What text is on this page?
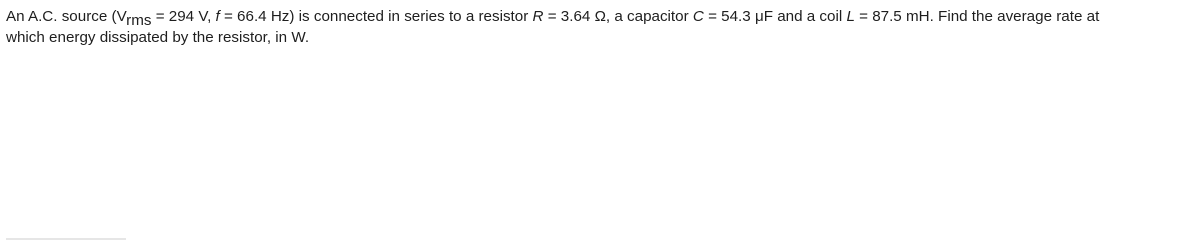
An A.C. source ($V_{rms} = 294$ V, f = 66.4 Hz) is connected in series to a resistor R = 3.64 Ω, a capacitor C = 54.3 μF and a coil L = 87.5 mH. Find the average rate at
which energy dissipated by the resistor, in W.
